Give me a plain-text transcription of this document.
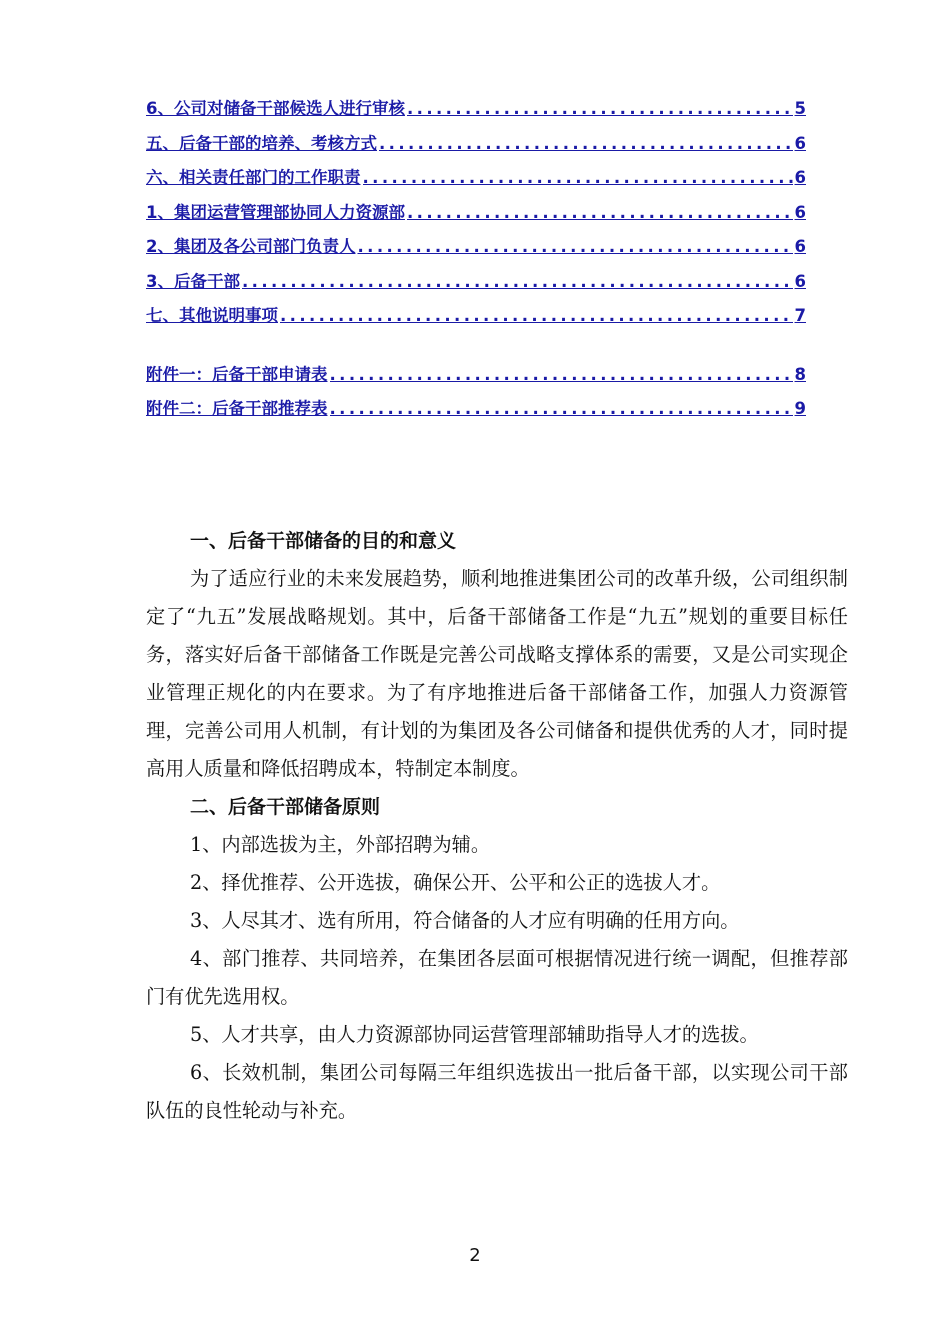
6、公司对储备干部候选人进行审核 .....	5
五、后备干部的培养、考核方式 .....	6
六、相关责任部门的工作职责 .....	6
1、集团运营管理部协同人力资源部 .....	6
2、集团及各公司部门负责人 .....	6
3、后备干部 .....	6
七、其他说明事项 .....	7
附件一：后备干部申请表 .....	8
附件二：后备干部推荐表 .....	9
一、后备干部储备的目的和意义

为了适应行业的未来发展趋势，顺利地推进集团公司的改革升级，公司组织制定了“九五”发展战略规划。其中，后备干部储备工作是“九五”规划的重要目标任务，落实好后备干部储备工作既是完善公司战略支撑体系的需要，又是公司实现企业管理正规化的内在要求。为了有序地推进后备干部储备工作，加强人力资源管理，完善公司用人机制，有计划的为集团及各公司储备和提供优秀的人才，同时提高用人质量和降低招聘成本，特制定本制度。

二、后备干部储备原则

1、内部选拔为主，外部招聘为辅。

2、择优推荐、公开选拔，确保公开、公平和公正的选拔人才。

3、人尽其才、选有所用，符合储备的人才应有明确的任用方向。

4、部门推荐、共同培养，在集团各层面可根据情况进行统一调配，但推荐部门有优先选用权。

5、人才共享，由人力资源部协同运营管理部辅助指导人才的选拔。

6、长效机制，集团公司每隔三年组织选拔出一批后备干部，以实现公司干部队伍的良性轮动与补充。

2
